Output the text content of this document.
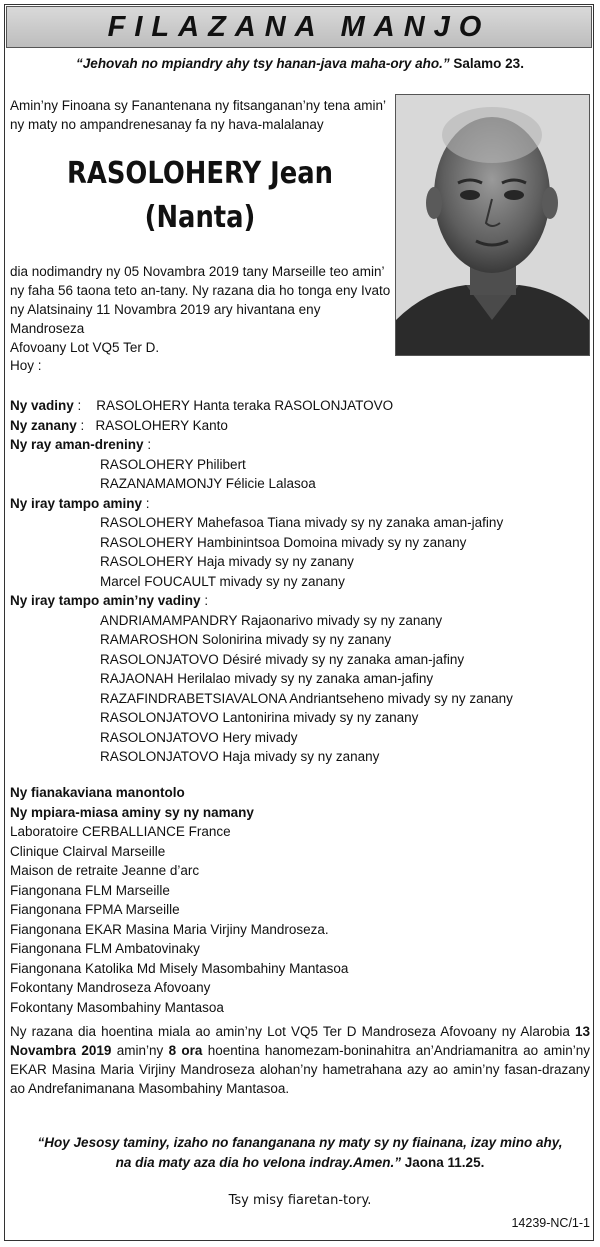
FILAZANA MANJO
“Jehovah no mpiandry ahy tsy hanan-java maha-ory aho.” Salamo 23.
Amin’ny Finoana sy Fanantenana ny fitsanganan’ny tena amin’
ny maty no ampandrenesanay fa ny hava-malalanay
RASOLOHERY Jean
(Nanta)
dia nodimandry ny 05 Novambra 2019 tany Marseille teo amin’
ny faha 56 taona teto an-tany. Ny razana dia ho tonga eny Ivato
ny Alatsinainy 11 Novambra 2019 ary hivantana eny Mandroseza
Afovoany Lot VQ5 Ter D.
Hoy :
Ny vadiny :    RASOLOHERY Hanta teraka RASOLONJATOVO
Ny zanany :   RASOLOHERY Kanto
Ny ray aman-dreniny :
RASOLOHERY Philibert
RAZANAMAMONJY Félicie Lalasoa
Ny iray tampo aminy :
RASOLOHERY Mahefasoa Tiana mivady sy ny zanaka aman-jafiny
RASOLOHERY Hambinintsoa Domoina mivady sy ny zanany
RASOLOHERY Haja mivady sy ny zanany
Marcel FOUCAULT mivady sy ny zanany
Ny iray tampo amin’ny vadiny :
ANDRIAMAMPANDRY Rajaonarivo mivady sy ny zanany
RAMAROSHON Solonirina mivady sy ny zanany
RASOLONJATOVO Désiré mivady sy ny zanaka aman-jafiny
RAJAONAH Herilalao mivady sy ny zanaka aman-jafiny
RAZAFINDRABETSIAVALONA Andriantseheno mivady sy ny zanany
RASOLONJATOVO Lantonirina mivady sy ny zanany
RASOLONJATOVO Hery mivady
RASOLONJATOVO Haja mivady sy ny zanany
Ny fianakaviana manontolo
Ny mpiara-miasa aminy sy ny namany
Laboratoire CERBALLIANCE France
Clinique Clairval Marseille
Maison de retraite Jeanne d’arc
Fiangonana FLM Marseille
Fiangonana FPMA Marseille
Fiangonana EKAR Masina Maria Virjiny Mandroseza.
Fiangonana FLM Ambatovinaky
Fiangonana Katolika Md Misely Masombahiny Mantasoa
Fokontany Mandroseza Afovoany
Fokontany Masombahiny Mantasoa
Ny razana dia hoentina miala ao amin’ny Lot VQ5 Ter D Mandroseza Afovoany ny Alarobia 13 Novambra 2019 amin’ny 8 ora hoentina hanomezam-boninahitra an’Andriamanitra ao amin’ny EKAR Masina Maria Virjiny Mandroseza alohan’ny hametrahana azy ao amin’ny fasan-drazany ao Andrefanimanana Masombahiny Mantasoa.
“Hoy Jesosy taminy, izaho no fananganana ny maty sy ny fiainana, izay mino ahy,
na dia maty aza dia ho velona indray.Amen.” Jaona 11.25.
Tsy misy fiaretan-tory.
14239-NC/1-1
